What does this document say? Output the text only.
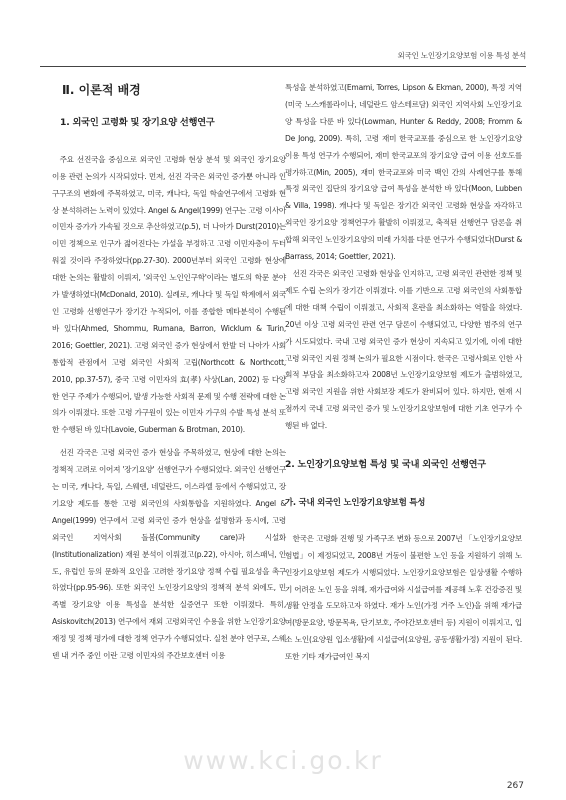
외국인 노인장기요양보험 이용 특성 분석
Ⅱ. 이론적 배경
1. 외국인 고령화 및 장기요양 선행연구

주요 선진국을 중심으로 외국인 고령화 현상 분석 및 외국인 장기요양 이용 관련 논의가 시작되었다. 먼저, 선진 각국은 외국인 증가뿐 아니라 인구구조의 변화에 주목하였고, 미국, 캐나다, 독일 학술연구에서 고령화 현상 분석하려는 노력이 있었다. Angel & Angel(1999) 연구는 고령 이사아 이민자 증가가 가속될 것으로 추산하였고(p.5), 더 나아가 Durst(2010)는 이민 정책으로 인구가 젊어진다는 가설을 부정하고 고령 이민자층이 두터워질 것이라 주장하였다(pp.27-30). 2000년부터 외국인 고령화 현상에 대한 논의는 활발히 이뤄져, '외국인 노인인구학'이라는 별도의 학문 분야가 발생하였다(McDonald, 2010). 실례로, 캐나다 및 독일 학계에서 외국인 고령화 선행연구가 장기간 누적되어, 이를 종합한 메타분석이 수행된 바 있다(Ahmed, Shommu, Rumana, Barron, Wicklum & Turin, 2016; Goettler, 2021). 고령 외국인 증가 현상에서 한발 더 나아가 사회통합적 관점에서 고령 외국인 사회적 고립(Northcott & Northcott, 2010, pp.37-57), 중국 고령 이민자의 효(孝) 사상(Lan, 2002) 등 다양한 연구 주제가 수행되어, 발생 가능한 사회적 문제 및 수행 전략에 대한 논의가 이뤄졌다. 또한 고령 가구원이 있는 이민자 가구의 수발 특성 분석 또한 수행된 바 있다(Lavoie, Guberman & Brotman, 2010).

선진 각국은 고령 외국인 증가 현상을 주목하였고, 현상에 대한 논의는 정책적 고려로 이어져 '장기요양' 선행연구가 수행되었다. 외국인 선행연구는 미국, 캐나다, 독일, 스웨덴, 네덜란드, 이스라엘 등에서 수행되었고, 장기요양 제도를 통한 고령 외국인의 사회통합을 지원하였다. Angel & Angel(1999) 연구에서 고령 외국인 증가 현상을 설명함과 동시에, 고령 외국인 지역사회 돌봄(Community care)과 시설화(Institutionalization) 재원 분석이 이뤄졌고(p.22), 아시아, 히스패닉, 인도, 유럽인 등의 문화적 요인을 고려한 장기요양 정책 수립 필요성을 촉구하였다(pp.95-96). 또한 외국인 노인장기요양의 정책적 분석 외에도, 민족별 장기요양 이용 특성을 분석한 실증연구 또한 이뤄졌다. 특히, Asiskovitch(2013) 연구에서 재외 고령외국인 수용을 위한 노인장기요양 재정 및 정책 평가에 대한 정책 연구가 수행되었다. 실천 분야 연구로, 스웨덴 내 거주 중인 이란 고령 이민자의 주간보호센터 이용

특성을 분석하였고(Emami, Torres, Lipson & Ekman, 2000), 특정 지역(미국 노스캐롤라이나, 네덜란드 암스테르담) 외국인 지역사회 노인장기요양 특성을 다룬 바 있다(Lowman, Hunter & Reddy, 2008; Fromm & De Jong, 2009). 특히, 고령 재미 한국교포를 중심으로 한 노인장기요양 이용 특성 연구가 수행되어, 재미 한국교포의 장기요양 급여 이용 선호도를 평가하고(Min, 2005), 재미 한국교포와 미국 백인 간의 사례연구를 통해 특정 외국인 집단의 장기요양 급여 특성을 분석한 바 있다(Moon, Lubben & Villa, 1998). 캐나다 및 독일은 장기간 외국인 고령화 현상을 자각하고 외국인 장기요양 정책연구가 활발히 이뤄졌고, 축적된 선행연구 담론을 취합해 외국인 노인장기요양의 미래 가치를 다룬 연구가 수행되었다(Durst & Barrass, 2014; Goettler, 2021).

선진 각국은 외국인 고령화 현상을 인지하고, 고령 외국인 관련한 정책 및 제도 수립 논의가 장기간 이뤄졌다. 이를 기반으로 고령 외국인의 사회통합에 대한 대책 수립이 이뤄졌고, 사회적 혼란을 최소화하는 역할을 하였다. 20년 이상 고령 외국인 관련 연구 담론이 수행되었고, 다양한 범주의 연구가 시도되었다. 국내 고령 외국인 증가 현상이 지속되고 있기에, 이에 대한 고령 외국인 지원 정책 논의가 필요한 시점이다. 한국은 고령사회로 인한 사회적 부담을 최소화하고자 2008년 노인장기요양보험 제도가 출범하였고, 고령 외국인 지원을 위한 사회보장 제도가 완비되어 있다. 하지만, 현재 시점까지 국내 고령 외국인 증가 및 노인장기요양보험에 대한 기초 연구가 수행된 바 없다.

2. 노인장기요양보험 특성 및 국내 외국인 선행연구
가. 국내 외국인 노인장기요양보험 특성

한국은 고령화 진행 및 가족구조 변화 등으로 2007년 「노인장기요양보험법」이 제정되었고, 2008년 거동이 불편한 노인 등을 지원하기 위해 노인장기요양보험 제도가 시행되었다. 노인장기요양보험은 일상생활 수행하기 어려운 노인 등을 위해, 재가급여와 시설급여를 제공해 노후 건강증진 및 생활 안정을 도모하고자 하였다. 재가 노인(가정 거주 노인)을 위해 재가급여(방문요양, 방문목욕, 단기보호, 주야간보호센터 등) 지원이 이뤄지고, 입소 노인(요양원 입소생활)에 시설급여(요양원, 공동생활가정) 지원이 된다. 또한 기타 재가급여인 복지

www.kci.go.kr
267
